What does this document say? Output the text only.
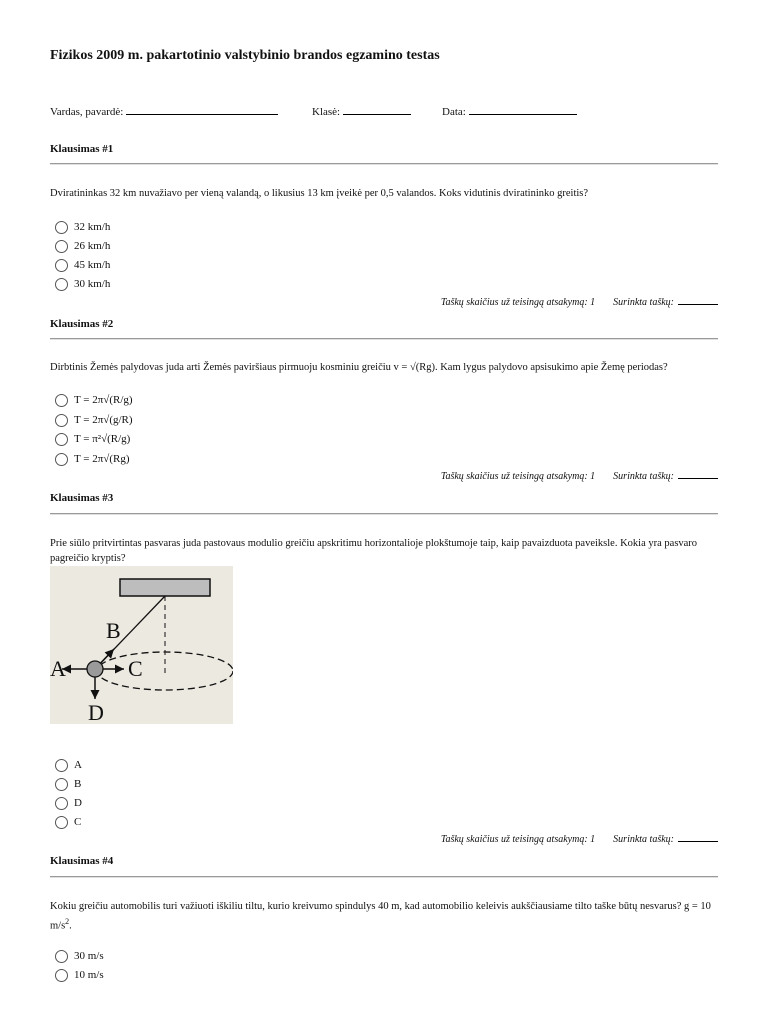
Fizikos 2009 m. pakartotinio valstybinio brandos egzamino testas
Vardas, pavardė:	Klasė:	Data:
Klausimas #1
Dviratininkas 32 km nuvažiavo per vieną valandą, o likusius 13 km įveikė per 0,5 valandos. Koks vidutinis dviratininko greitis?
32 km/h
26 km/h
45 km/h
30 km/h
Taškų skaičius už teisingą atsakymą: 1 Surinkta taškų:
Klausimas #2
Dirbtinis Žemės palydovas juda arti Žemės paviršiaus pirmuoju kosminiu greičiu v = √(Rg). Kam lygus palydovo apsisukimo apie Žemę periodas?
T = 2π√(R/g)
T = 2π√(g/R)
T = π²√(R/g)
T = 2π√(Rg)
Taškų skaičius už teisingą atsakymą: 1 Surinkta taškų:
Klausimas #3
Prie siūlo pritvirtintas pasvaras juda pastovaus modulio greičiu apskritimu horizontalioje plokštumoje taip, kaip pavaizduota paveiksle. Kokia yra pasvaro pagreičio kryptis?
A
B
C
D
A
B
D
C
Taškų skaičius už teisingą atsakymą: 1 Surinkta taškų:
Klausimas #4
Kokiu greičiu automobilis turi važiuoti iškiliu tiltu, kurio kreivumo spindulys 40 m, kad automobilio keleivis aukščiausiame tilto taške būtų nesvarus? g = 10 $m/s^2$.
30 m/s
10 m/s
